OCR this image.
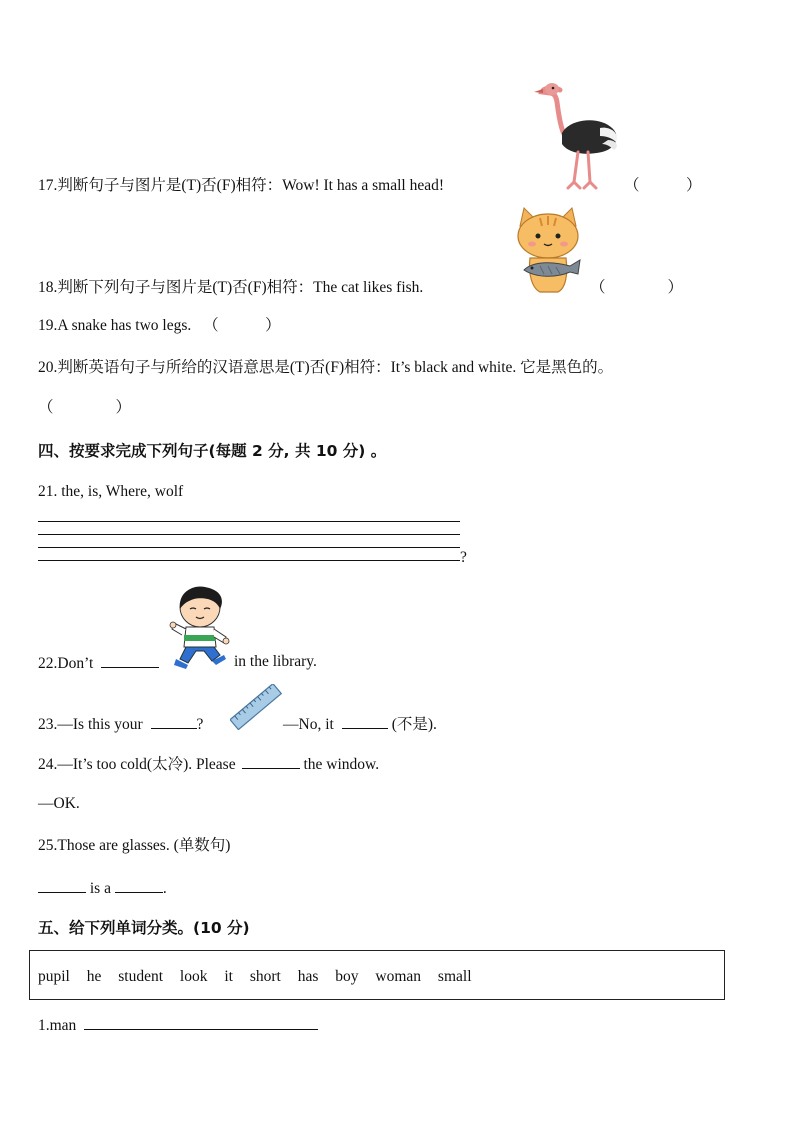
17.判断句子与图片是(T)否(F)相符：Wow! It has a small head!	（　　　）
18.判断下列句子与图片是(T)否(F)相符：The cat likes fish.	（　　　　）
19.A snake has two legs. （　　　）
20.判断英语句子与所给的汉语意思是(T)否(F)相符：It’s black and white. 它是黑色的。
（　　　　）
四、按要求完成下列句子(每题 2 分, 共 10 分) 。
21. the, is, Where, wolf
?
22.Don’t	in the library.
23.—Is this your	?	—No, it	(不是).
24.—It’s too cold(太冷). Please	the window.
—OK.
25.Those are glasses. (单数句)
is a	.
五、给下列单词分类。(10 分)
pupil he student look it short has boy woman small
1.man
